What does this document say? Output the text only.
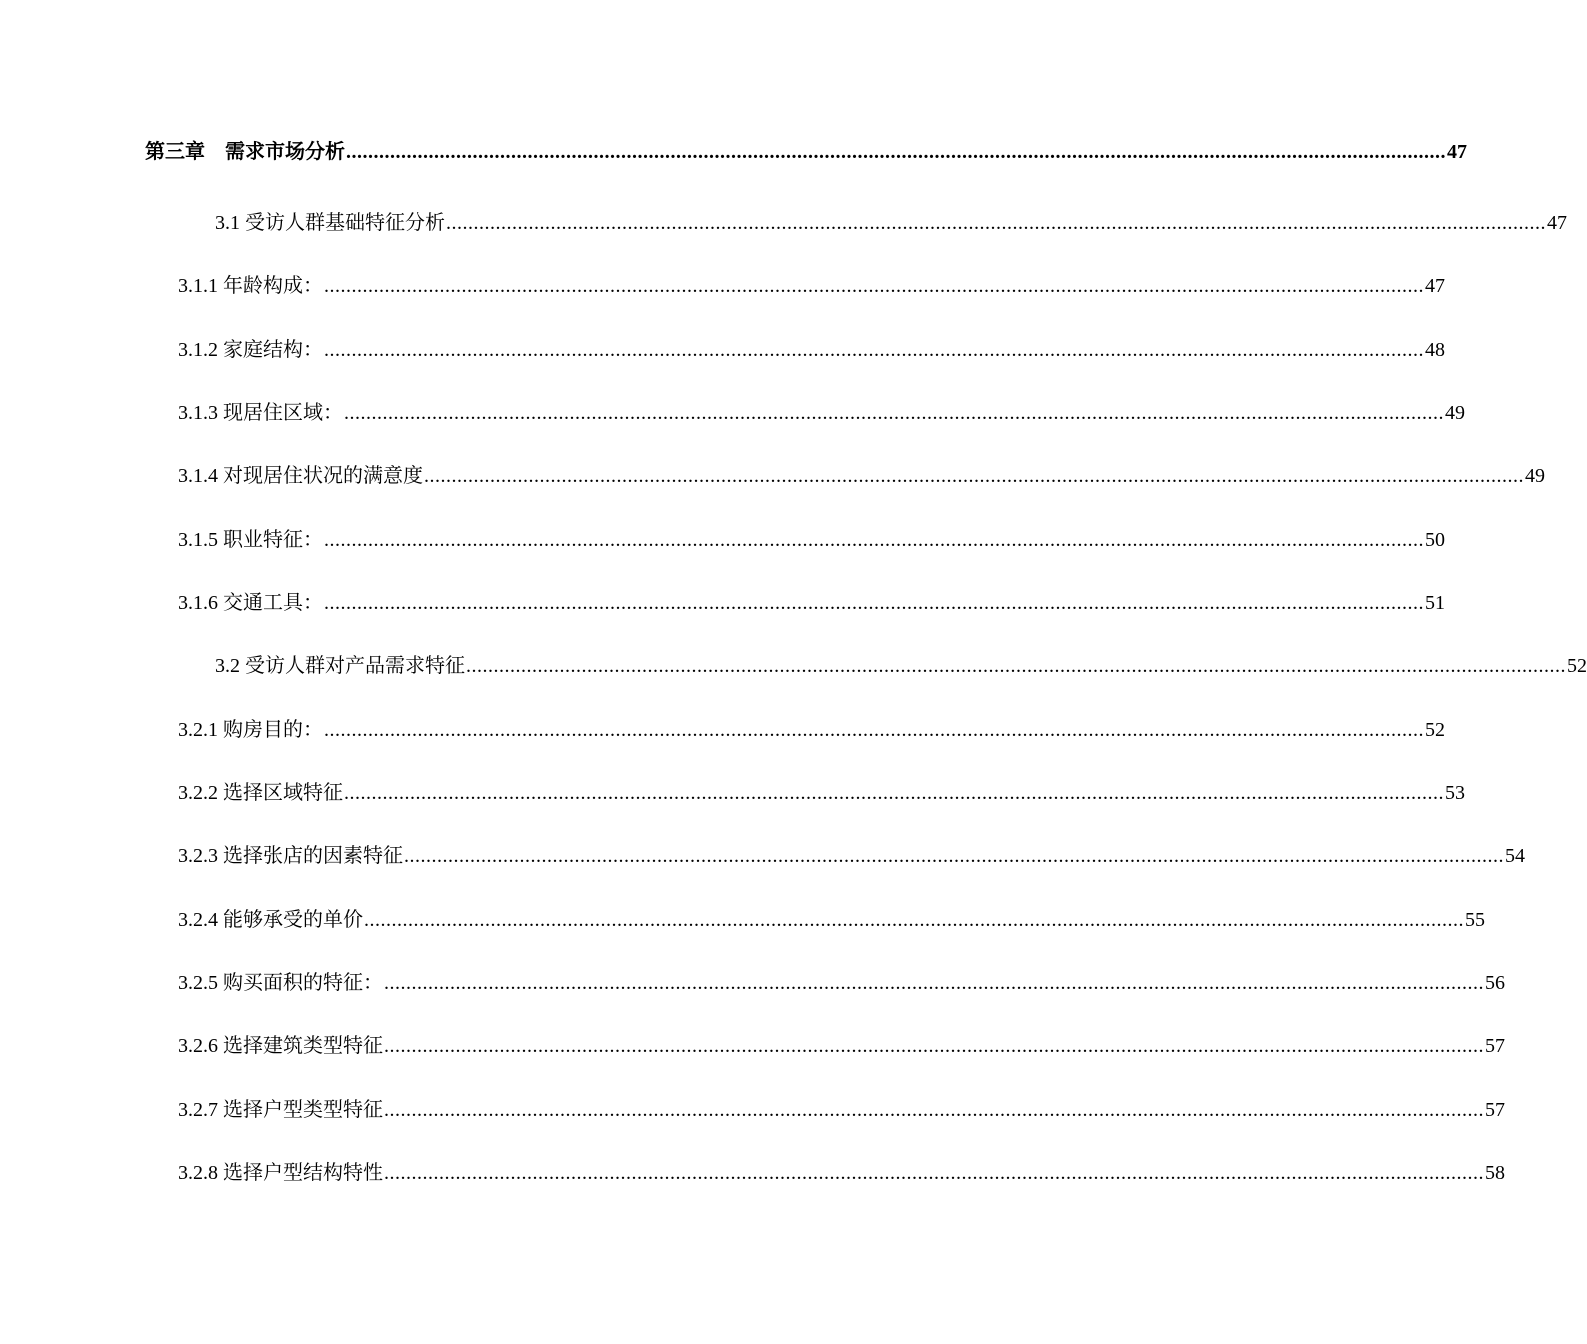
第三章　需求市场分析 ........................................................................................................................................................................................................ 47
3.1 受访人群基础特征分析 ........................................................................................................................................................................................................ 47
3.1.1 年龄构成： ........................................................................................................................................................................................................ 47
3.1.2 家庭结构： ........................................................................................................................................................................................................ 48
3.1.3 现居住区域： ........................................................................................................................................................................................................ 49
3.1.4 对现居住状况的满意度 ........................................................................................................................................................................................................ 49
3.1.5 职业特征： ........................................................................................................................................................................................................ 50
3.1.6 交通工具： ........................................................................................................................................................................................................ 51
3.2 受访人群对产品需求特征 ........................................................................................................................................................................................................ 52
3.2.1 购房目的： ........................................................................................................................................................................................................ 52
3.2.2 选择区域特征 ........................................................................................................................................................................................................ 53
3.2.3 选择张店的因素特征 ........................................................................................................................................................................................................ 54
3.2.4 能够承受的单价 ........................................................................................................................................................................................................ 55
3.2.5 购买面积的特征： ........................................................................................................................................................................................................ 56
3.2.6 选择建筑类型特征 ........................................................................................................................................................................................................ 57
3.2.7 选择户型类型特征 ........................................................................................................................................................................................................ 57
3.2.8 选择户型结构特性 ........................................................................................................................................................................................................ 58
